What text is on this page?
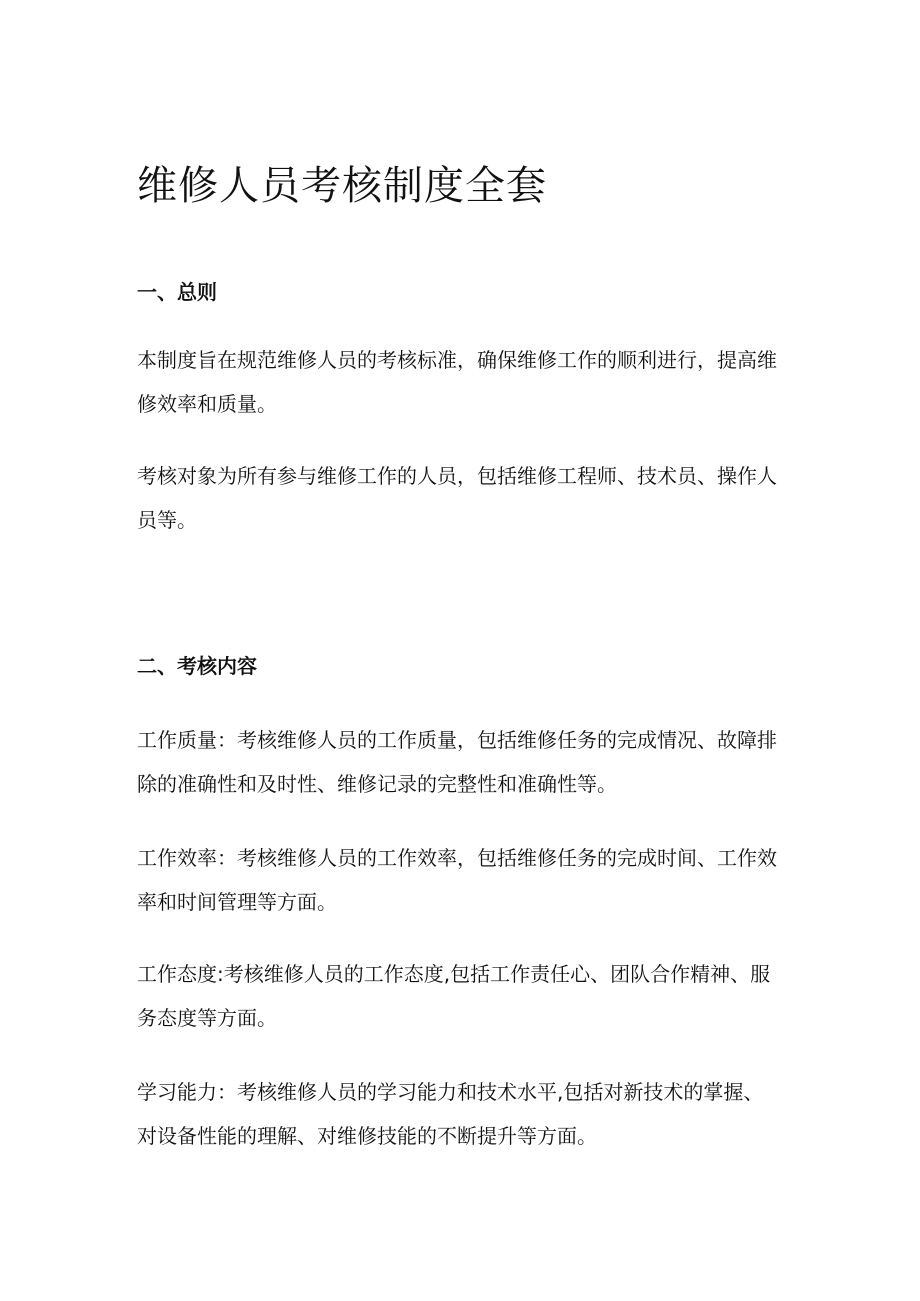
维修人员考核制度全套
一、总则

本制度旨在规范维修人员的考核标准，确保维修工作的顺利进行，提高维
修效率和质量。

考核对象为所有参与维修工作的人员，包括维修工程师、技术员、操作人
员等。

二、考核内容

工作质量：考核维修人员的工作质量，包括维修任务的完成情况、故障排
除的准确性和及时性、维修记录的完整性和准确性等。

工作效率：考核维修人员的工作效率，包括维修任务的完成时间、工作效
率和时间管理等方面。

工作态度:考核维修人员的工作态度,包括工作责任心、团队合作精神、服
务态度等方面。

学习能力：考核维修人员的学习能力和技术水平,包括对新技术的掌握、
对设备性能的理解、对维修技能的不断提升等方面。
